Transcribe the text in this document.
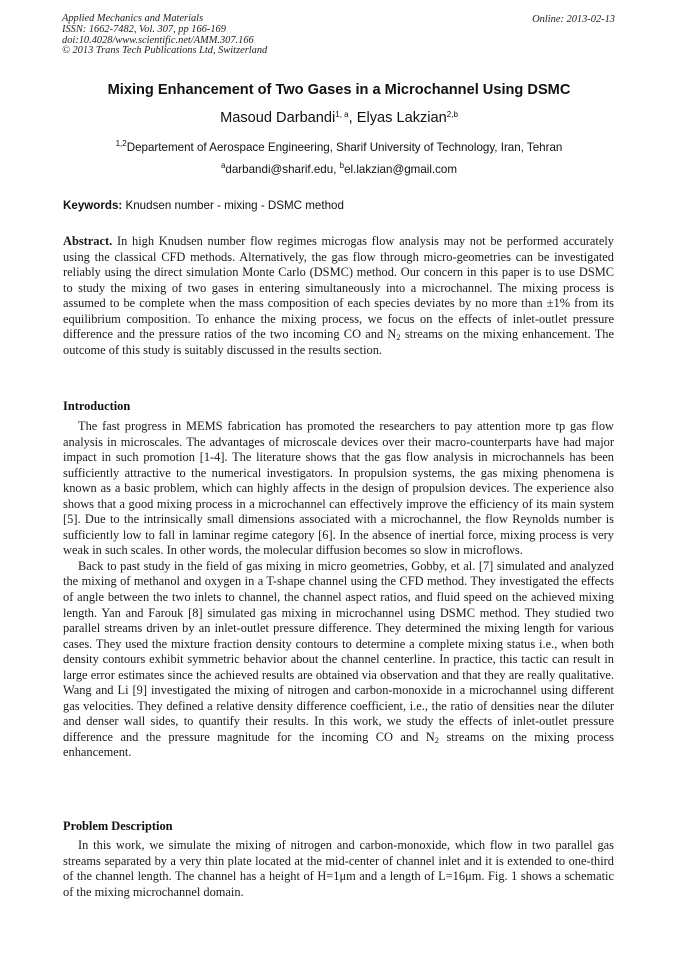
Applied Mechanics and Materials
ISSN: 1662-7482, Vol. 307, pp 166-169
doi:10.4028/www.scientific.net/AMM.307.166
© 2013 Trans Tech Publications Ltd, Switzerland
Online: 2013-02-13
Mixing Enhancement of Two Gases in a Microchannel Using DSMC
Masoud Darbandi$^{1, a}$, Elyas Lakzian$^{2,b}$
$^{1,2}$Departement of Aerospace Engineering, Sharif University of Technology, Iran, Tehran
$^a$darbandi@sharif.edu, $^b$el.lakzian@gmail.com
Keywords: Knudsen number - mixing - DSMC method

Abstract. In high Knudsen number flow regimes microgas flow analysis may not be performed accurately using the classical CFD methods. Alternatively, the gas flow through micro-geometries can be investigated reliably using the direct simulation Monte Carlo (DSMC) method. Our concern in this paper is to use DSMC to study the mixing of two gases in entering simultaneously into a microchannel. The mixing process is assumed to be complete when the mass composition of each species deviates by no more than ±1% from its equilibrium composition. To enhance the mixing process, we focus on the effects of inlet-outlet pressure difference and the pressure ratios of the two incoming CO and $N_2$ streams on the mixing enhancement. The outcome of this study is suitably discussed in the results section.

Introduction

The fast progress in MEMS fabrication has promoted the researchers to pay attention more tp gas flow analysis in microscales. The advantages of microscale devices over their macro-counterparts have had major impact in such promotion [1-4]. The literature shows that the gas flow analysis in microchannels has been sufficiently attractive to the numerical investigators. In propulsion systems, the gas mixing phenomena is known as a basic problem, which can highly affects in the design of propulsion devices. The experience also shows that a good mixing process in a microchannel can effectively improve the efficiency of its main system [5]. Due to the intrinsically small dimensions associated with a microchannel, the flow Reynolds number is sufficiently low to fall in laminar regime category [6]. In the absence of inertial force, mixing process is very weak in such scales. In other words, the molecular diffusion becomes so slow in microflows.

Back to past study in the field of gas mixing in micro geometries, Gobby, et al. [7] simulated and analyzed the mixing of methanol and oxygen in a T-shape channel using the CFD method. They investigated the effects of angle between the two inlets to channel, the channel aspect ratios, and fluid speed on the achieved mixing length. Yan and Farouk [8] simulated gas mixing in microchannel using DSMC method. They studied two parallel streams driven by an inlet-outlet pressure difference. They determined the mixing length for various cases. They used the mixture fraction density contours to determine a complete mixing status i.e., when both density contours exhibit symmetric behavior about the channel centerline. In practice, this tactic can result in large error estimates since the achieved results are obtained via observation and that they are really qualitative. Wang and Li [9] investigated the mixing of nitrogen and carbon-monoxide in a microchannel using different gas velocities. They defined a relative density difference coefficient, i.e., the ratio of densities near the diluter and denser wall sides, to quantify their results. In this work, we study the effects of inlet-outlet pressure difference and the pressure magnitude for the incoming CO and $N_2$ streams on the mixing process enhancement.

Problem Description

In this work, we simulate the mixing of nitrogen and carbon-monoxide, which flow in two parallel gas streams separated by a very thin plate located at the mid-center of channel inlet and it is extended to one-third of the channel length. The channel has a height of H=1μm and a length of L=16μm. Fig. 1 shows a schematic of the mixing microchannel domain.
